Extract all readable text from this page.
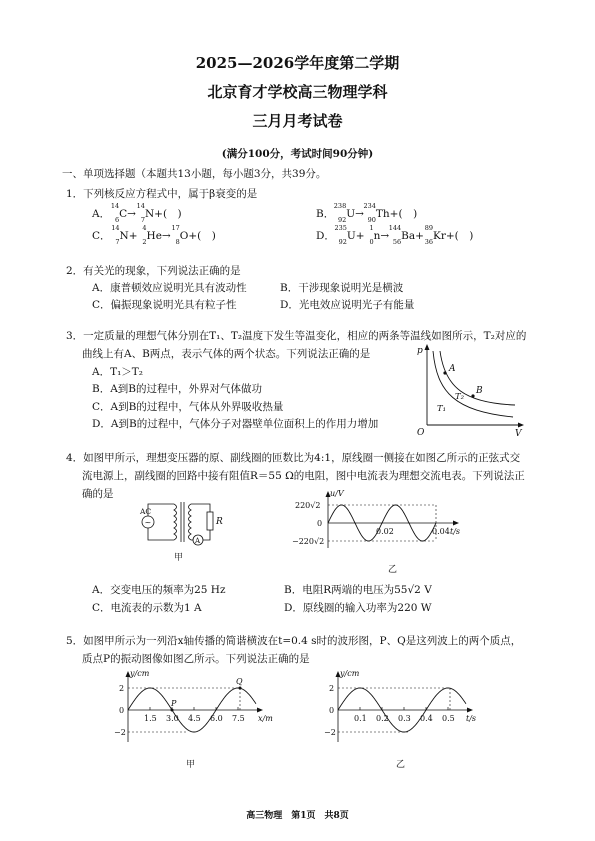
2025—2026学年度第二学期
北京育才学校高三物理学科
三月月考试卷
(满分100分，考试时间90分钟)
一、单项选择题（本题共13小题，每小题3分，共39分。
1．下列核反应方程式中，属于β衰变的是
A．
14
6 C→
14
7 N+(　)	B．
238
92 U→
234
90 Th+(　)
C．
14
7 N+
4
2 He→
17
8 O+(　)	D．
235
92 U+
1
0 n→
144
56 Ba+
89
36 Kr+(　)
2．有关光的现象，下列说法正确的是
A．康普顿效应说明光具有波动性	B．干涉现象说明光是横波
C．偏振现象说明光具有粒子性	D．光电效应说明光子有能量
3．一定质量的理想气体分别在T₁、T₂温度下发生等温变化，相应的两条等温线如图所示，T₂对应的
曲线上有A、B两点，表示气体的两个状态。下列说法正确的是
A．T₁＞T₂
B．A到B的过程中，外界对气体做功
C．A到B的过程中，气体从外界吸收热量
D．A到B的过程中，气体分子对器壁单位面积上的作用力增加
p
V
O
A
B
T₂
T₁
4．如图甲所示，理想变压器的原、副线圈的匝数比为4:1，原线圈一侧接在如图乙所示的正弦式交
流电源上，副线圈的回路中接有阻值R＝55 Ω的电阻，图中电流表为理想交流电表。下列说法正
确的是
~
AC
R
A
甲
u/V
220√2
0
−220√2
0.02	0.04 t/s
乙
A．交变电压的频率为25 Hz	B．电阻R两端的电压为55√2 V
C．电流表的示数为1 A	D．原线圈的输入功率为220 W
5．如图甲所示为一列沿x轴传播的简谐横波在t=0.4 s时的波形图，P、Q是这列波上的两个质点，
质点P的振动图像如图乙所示。下列说法正确的是
y/cm
2
0
−2
1.5 3.0 4.5 6.0 7.5 x/m
P
Q
甲
y/cm
2
0
−2
0.1 0.2 0.3 0.4 0.5 t/s
乙
高三物理　第1页　共8页
